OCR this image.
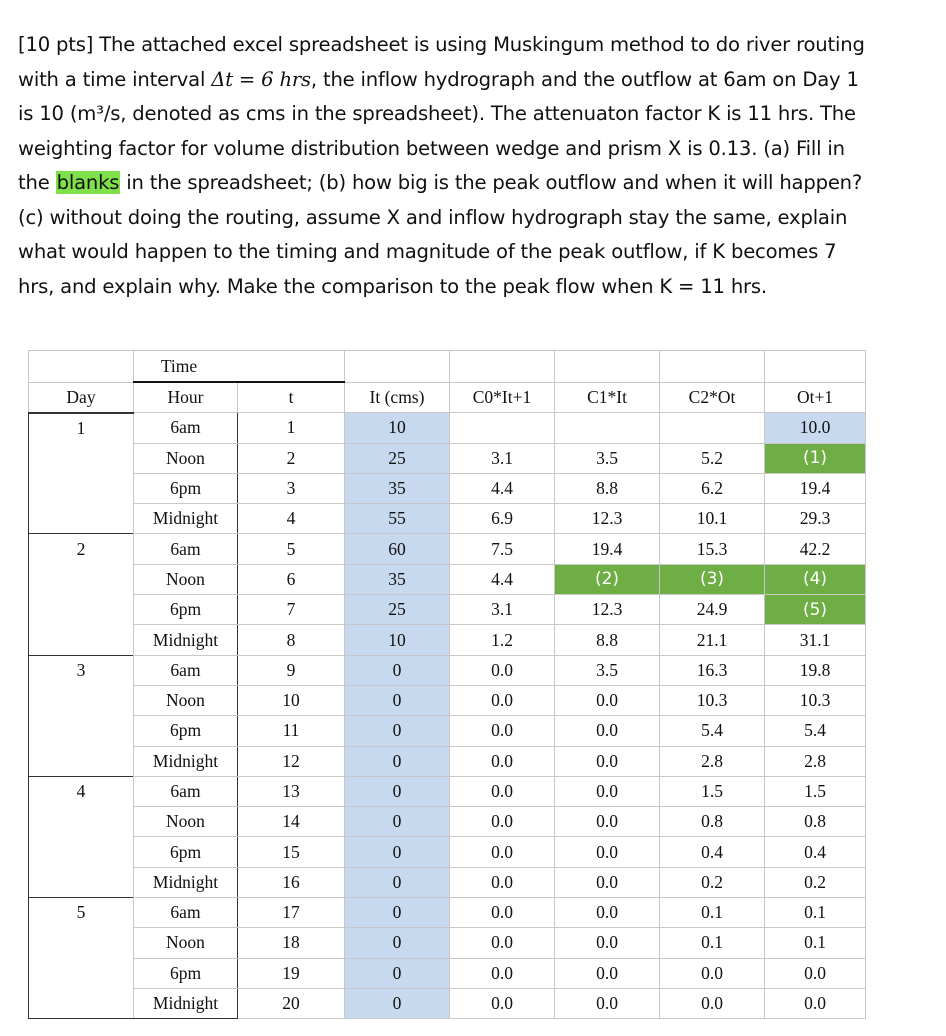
[10 pts] The attached excel spreadsheet is using Muskingum method to do river routing

with a time interval Δt = 6 hrs, the inflow hydrograph and the outflow at 6am on Day 1

is 10 (m³/s, denoted as cms in the spreadsheet). The attenuaton factor K is 11 hrs. The

weighting factor for volume distribution between wedge and prism X is 0.13. (a) Fill in

the blanks in the spreadsheet; (b) how big is the peak outflow and when it will happen?

(c) without doing the routing, assume X and inflow hydrograph stay the same, explain

what would happen to the timing and magnitude of the peak outflow, if K becomes 7

hrs, and explain why. Make the comparison to the peak flow when K = 11 hrs.

	Time						
Day	Hour	t	It (cms)	C0*It+1	C1*It	C2*Ot	Ot+1
1	6am	1	10				10.0
	Noon	2	25	3.1	3.5	5.2	(1)
	6pm	3	35	4.4	8.8	6.2	19.4
	Midnight	4	55	6.9	12.3	10.1	29.3
2	6am	5	60	7.5	19.4	15.3	42.2
	Noon	6	35	4.4	(2)	(3)	(4)
	6pm	7	25	3.1	12.3	24.9	(5)
	Midnight	8	10	1.2	8.8	21.1	31.1
3	6am	9	0	0.0	3.5	16.3	19.8
	Noon	10	0	0.0	0.0	10.3	10.3
	6pm	11	0	0.0	0.0	5.4	5.4
	Midnight	12	0	0.0	0.0	2.8	2.8
4	6am	13	0	0.0	0.0	1.5	1.5
	Noon	14	0	0.0	0.0	0.8	0.8
	6pm	15	0	0.0	0.0	0.4	0.4
	Midnight	16	0	0.0	0.0	0.2	0.2
5	6am	17	0	0.0	0.0	0.1	0.1
	Noon	18	0	0.0	0.0	0.1	0.1
	6pm	19	0	0.0	0.0	0.0	0.0
	Midnight	20	0	0.0	0.0	0.0	0.0
